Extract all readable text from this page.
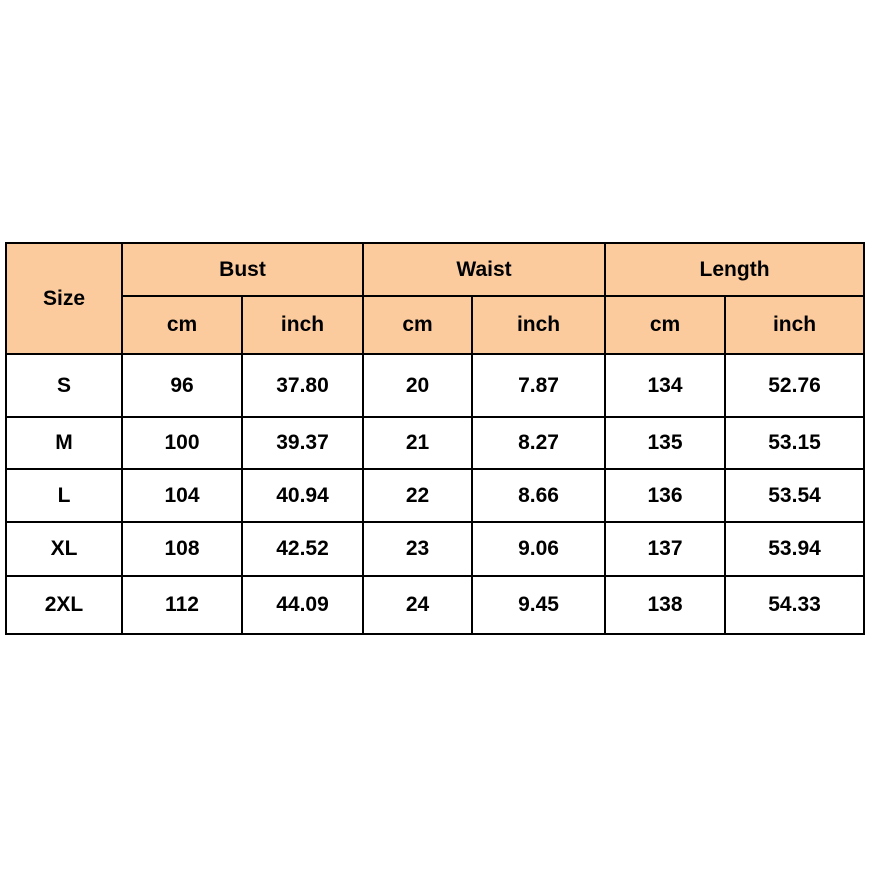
Size	Bust		Waist		Length	
	cm	inch	cm	inch	cm	inch
S	96	37.80	20	7.87	134	52.76
M	100	39.37	21	8.27	135	53.15
L	104	40.94	22	8.66	136	53.54
XL	108	42.52	23	9.06	137	53.94
2XL	112	44.09	24	9.45	138	54.33
